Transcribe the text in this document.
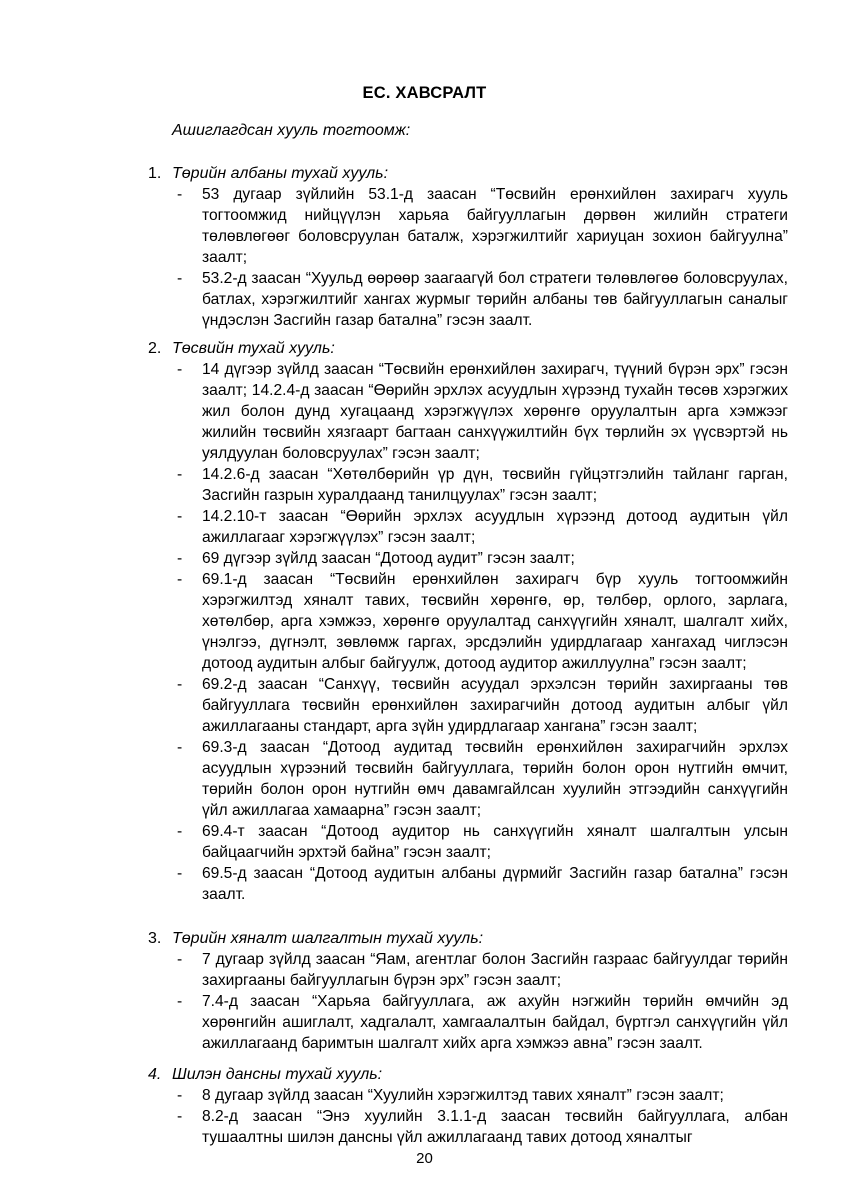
ЕС. ХАВСРАЛТ
Ашиглагдсан хууль тогтоомж:
1. Төрийн албаны тухай хууль:
- 53 дугаар зүйлийн 53.1-д заасан “Төсвийн ерөнхийлөн захирагч хууль тогтоомжид нийцүүлэн харьяа байгууллагын дөрвөн жилийн стратеги төлөвлөгөөг боловсруулан баталж, хэрэгжилтийг хариуцан зохион байгуулна” заалт;
- 53.2-д заасан “Хуульд өөрөөр заагаагүй бол стратеги төлөвлөгөө боловсруулах, батлах, хэрэгжилтийг хангах журмыг төрийн албаны төв байгууллагын саналыг үндэслэн Засгийн газар батална” гэсэн заалт.
2. Төсвийн тухай хууль:
- 14 дүгээр зүйлд заасан “Төсвийн ерөнхийлөн захирагч, түүний бүрэн эрх” гэсэн заалт; 14.2.4-д заасан “Өөрийн эрхлэх асуудлын хүрээнд тухайн төсөв хэрэгжих жил болон дунд хугацаанд хэрэгжүүлэх хөрөнгө оруулалтын арга хэмжээг жилийн төсвийн хязгаарт багтаан санхүүжилтийн бүх төрлийн эх үүсвэртэй нь уялдуулан боловсруулах” гэсэн заалт;
- 14.2.6-д заасан “Хөтөлбөрийн үр дүн, төсвийн гүйцэтгэлийн тайланг гарган, Засгийн газрын хуралдаанд танилцуулах” гэсэн заалт;
- 14.2.10-т заасан “Өөрийн эрхлэх асуудлын хүрээнд дотоод аудитын үйл ажиллагааг хэрэгжүүлэх” гэсэн заалт;
- 69 дүгээр зүйлд заасан “Дотоод аудит” гэсэн заалт;
- 69.1-д заасан “Төсвийн ерөнхийлөн захирагч бүр хууль тогтоомжийн хэрэгжилтэд хяналт тавих, төсвийн хөрөнгө, өр, төлбөр, орлого, зарлага, хөтөлбөр, арга хэмжээ, хөрөнгө оруулалтад санхүүгийн хяналт, шалгалт хийх, үнэлгээ, дүгнэлт, зөвлөмж гаргах, эрсдэлийн удирдлагаар хангахад чиглэсэн дотоод аудитын албыг байгуулж, дотоод аудитор ажиллуулна” гэсэн заалт;
- 69.2-д заасан “Санхүү, төсвийн асуудал эрхэлсэн төрийн захиргааны төв байгууллага төсвийн ерөнхийлөн захирагчийн дотоод аудитын албыг үйл ажиллагааны стандарт, арга зүйн удирдлагаар хангана” гэсэн заалт;
- 69.3-д заасан “Дотоод аудитад төсвийн ерөнхийлөн захирагчийн эрхлэх асуудлын хүрээний төсвийн байгууллага, төрийн болон орон нутгийн өмчит, төрийн болон орон нутгийн өмч давамгайлсан хуулийн этгээдийн санхүүгийн үйл ажиллагаа хамаарна” гэсэн заалт;
- 69.4-т заасан “Дотоод аудитор нь санхүүгийн хяналт шалгалтын улсын байцаагчийн эрхтэй байна” гэсэн заалт;
- 69.5-д заасан “Дотоод аудитын албаны дүрмийг Засгийн газар батална” гэсэн заалт.
3. Төрийн хяналт шалгалтын тухай хууль:
- 7 дугаар зүйлд заасан “Яам, агентлаг болон Засгийн газраас байгуулдаг төрийн захиргааны байгууллагын бүрэн эрх” гэсэн заалт;
- 7.4-д заасан “Харьяа байгууллага, аж ахуйн нэгжийн төрийн өмчийн эд хөрөнгийн ашиглалт, хадгалалт, хамгаалалтын байдал, бүртгэл санхүүгийн үйл ажиллагаанд баримтын шалгалт хийх арга хэмжээ авна” гэсэн заалт.
4. Шилэн дансны тухай хууль:
- 8 дугаар зүйлд заасан “Хуулийн хэрэгжилтэд тавих хяналт” гэсэн заалт;
- 8.2-д заасан “Энэ хуулийн 3.1.1-д заасан төсвийн байгууллага, албан тушаалтны шилэн дансны үйл ажиллагаанд тавих дотоод хяналтыг
20
